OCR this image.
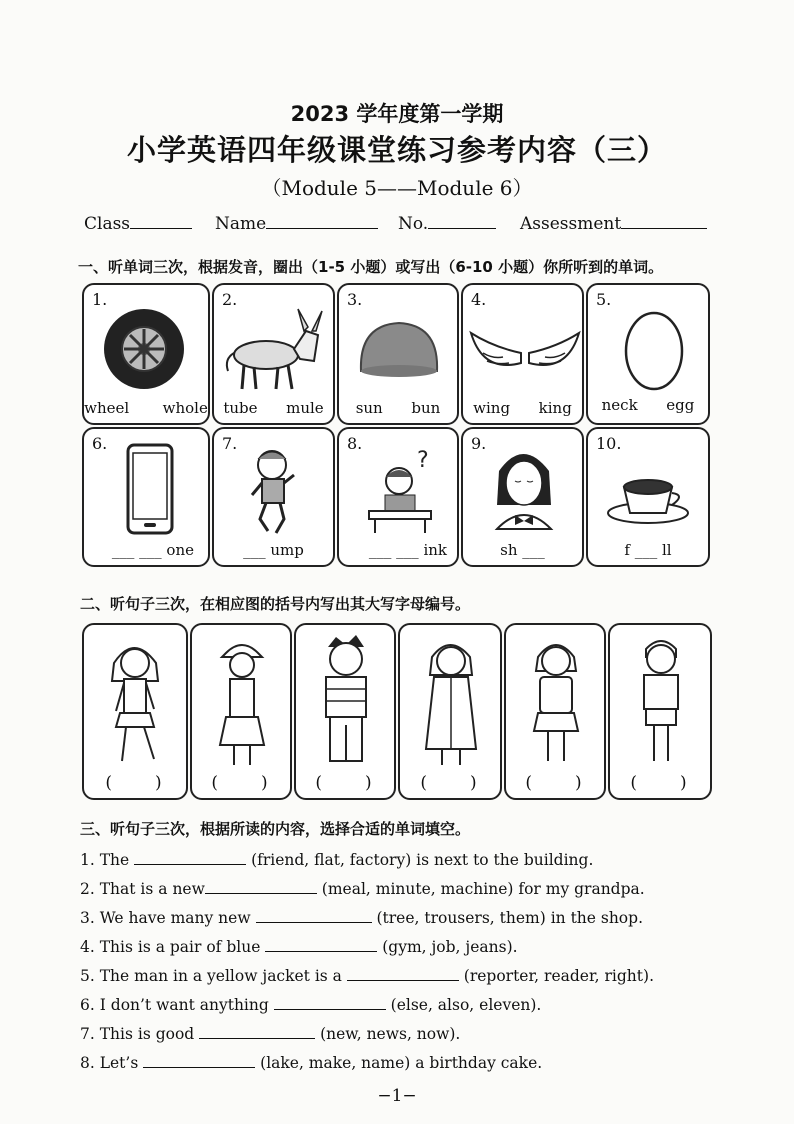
2023 学年度第一学期
小学英语四年级课堂练习参考内容（三）
（Module 5——Module 6）
Class	Name	No.	Assessment
一、听单词三次，根据发音，圈出（1-5 小题）或写出（6-10 小题）你所听到的单词。
1.
wheel whole
2.
tube mule
3.
sun bun
4.
wing king
5.
neck egg
6.
___ ___ one
7.
___ ump
8.
?
___ ___ ink
9.
sh ___
10.
f ___ ll
二、听句子三次，在相应图的括号内写出其大写字母编号。
(　　)	(　　)	(　　)	(　　)	(　　)	(　　)
三、听句子三次，根据所读的内容，选择合适的单词填空。
1. The	(friend, flat, factory) is next to the building.
2. That is a new	(meal, minute, machine) for my grandpa.
3. We have many new	(tree, trousers, them) in the shop.
4. This is a pair of blue	(gym, job, jeans).
5. The man in a yellow jacket is a	(reporter, reader, right).
6. I don’t want anything	(else, also, eleven).
7. This is good	(new, news, now).
8. Let’s	(lake, make, name) a birthday cake.
−1−
